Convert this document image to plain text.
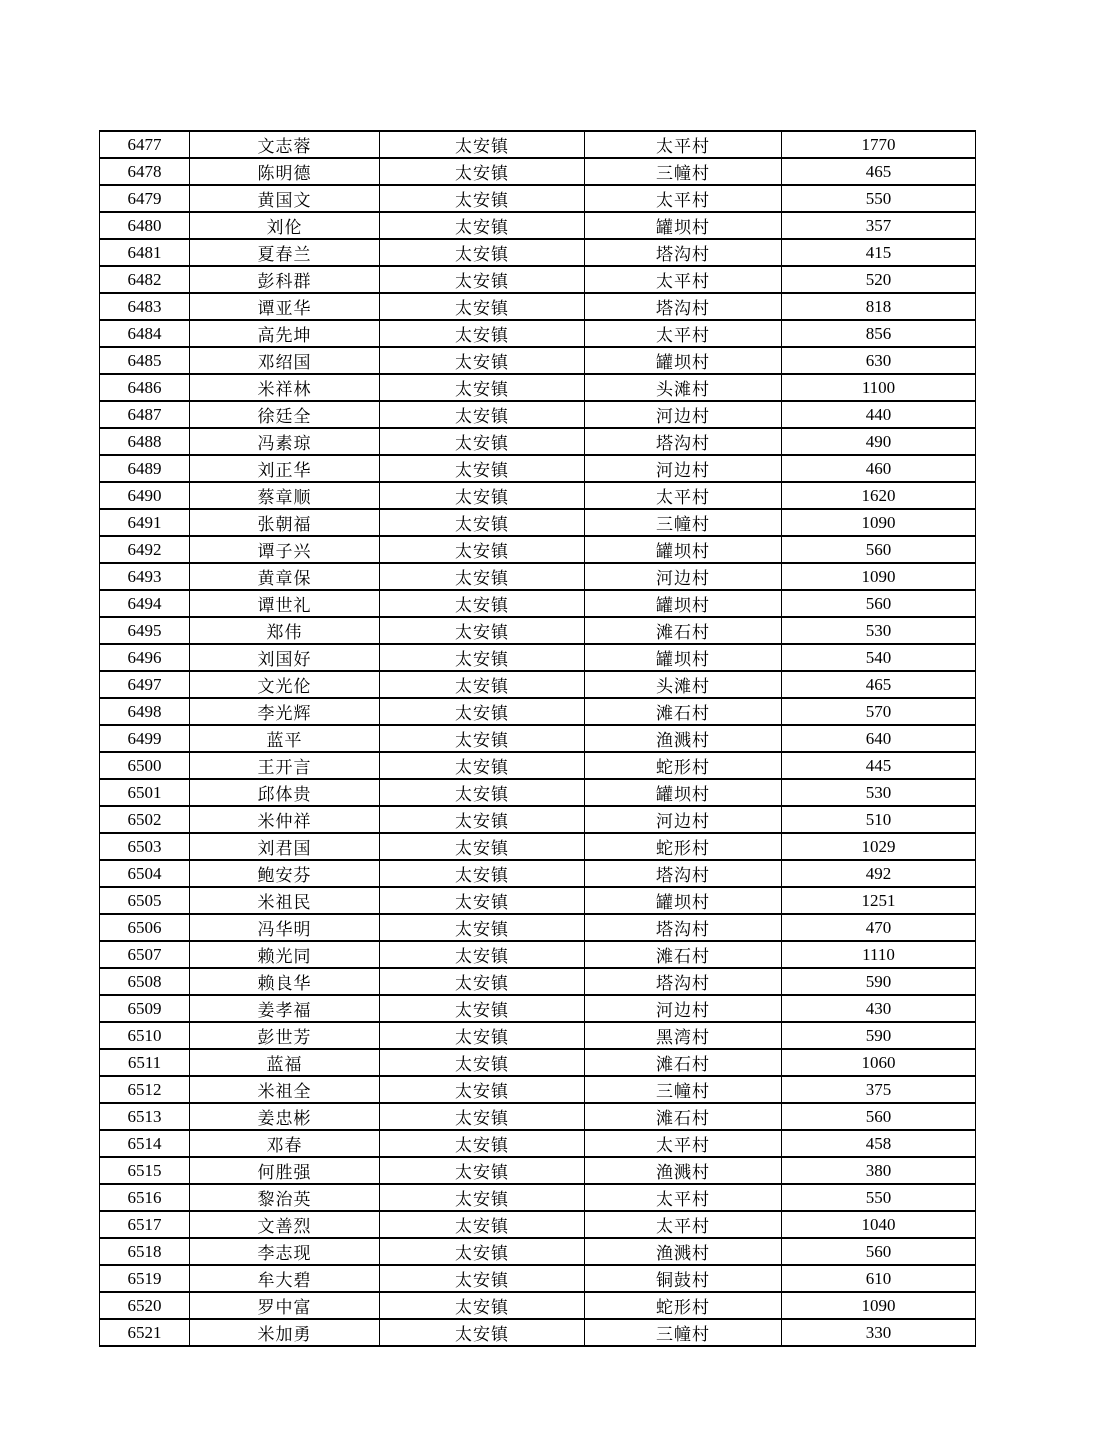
6477	文志蓉	太安镇	太平村	1770
6478	陈明德	太安镇	三幢村	465
6479	黄国文	太安镇	太平村	550
6480	刘伦	太安镇	罐坝村	357
6481	夏春兰	太安镇	塔沟村	415
6482	彭科群	太安镇	太平村	520
6483	谭亚华	太安镇	塔沟村	818
6484	高先坤	太安镇	太平村	856
6485	邓绍国	太安镇	罐坝村	630
6486	米祥林	太安镇	头滩村	1100
6487	徐廷全	太安镇	河边村	440
6488	冯素琼	太安镇	塔沟村	490
6489	刘正华	太安镇	河边村	460
6490	蔡章顺	太安镇	太平村	1620
6491	张朝福	太安镇	三幢村	1090
6492	谭子兴	太安镇	罐坝村	560
6493	黄章保	太安镇	河边村	1090
6494	谭世礼	太安镇	罐坝村	560
6495	郑伟	太安镇	滩石村	530
6496	刘国好	太安镇	罐坝村	540
6497	文光伦	太安镇	头滩村	465
6498	李光辉	太安镇	滩石村	570
6499	蓝平	太安镇	渔溅村	640
6500	王开言	太安镇	蛇形村	445
6501	邱体贵	太安镇	罐坝村	530
6502	米仲祥	太安镇	河边村	510
6503	刘君国	太安镇	蛇形村	1029
6504	鲍安芬	太安镇	塔沟村	492
6505	米祖民	太安镇	罐坝村	1251
6506	冯华明	太安镇	塔沟村	470
6507	赖光同	太安镇	滩石村	1110
6508	赖良华	太安镇	塔沟村	590
6509	姜孝福	太安镇	河边村	430
6510	彭世芳	太安镇	黑湾村	590
6511	蓝福	太安镇	滩石村	1060
6512	米祖全	太安镇	三幢村	375
6513	姜忠彬	太安镇	滩石村	560
6514	邓春	太安镇	太平村	458
6515	何胜强	太安镇	渔溅村	380
6516	黎治英	太安镇	太平村	550
6517	文善烈	太安镇	太平村	1040
6518	李志现	太安镇	渔溅村	560
6519	牟大碧	太安镇	铜鼓村	610
6520	罗中富	太安镇	蛇形村	1090
6521	米加勇	太安镇	三幢村	330
